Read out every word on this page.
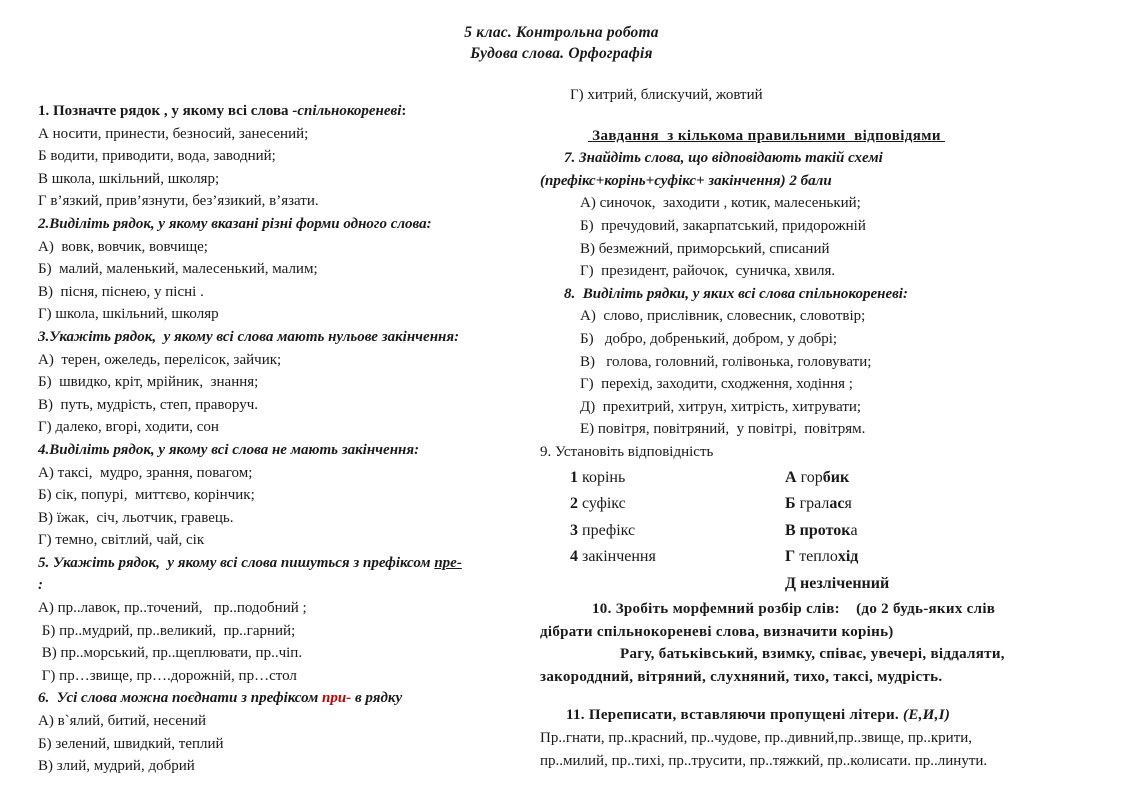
5 клас. Контрольна робота
Будова слова. Орфографія
1. Позначте рядок , у якому всі слова -спільнокореневі:
А носити, принести, безносий, занесений;
Б водити, приводити, вода, заводний;
В школа, шкільний, школяр;
Г в’язкий, прив’язнути, без’язикий, в’язати.
2.Виділіть рядок, у якому вказані різні форми одного слова:
А)  вовк, вовчик, вовчище;
Б)  малий, маленький, малесенький, малим;
В)  пісня, піснею, у пісні .
Г) школа, шкільний, школяр
3.Укажіть рядок,  у якому всі слова мають нульове закінчення:
А)  терен, ожеледь, перелісок, зайчик;
Б)  швидко, кріт, мрійник,  знання;
В)  путь, мудрість, степ, праворуч.
Г) далеко, вгорі, ходити, сон
4.Виділіть рядок, у якому всі слова не мають закінчення:
А) таксі,  мудро, зрання, повагом;
Б) сік, попурі,  миттєво, корінчик;
В) їжак,  січ, льотчик, гравець.
Г) темно, світлий, чай, сік
5. Укажіть рядок,  у якому всі слова пишуться з префіксом пре-  :
А) пр..лавок, пр..точений,   пр..подобний ;
Б) пр..мудрий, пр..великий,  пр..гарний;
В) пр..морський, пр..щеплювати, пр..чіп.
Г) пр…звище, пр….дорожній, пр…стол
6.  Усі слова можна поєднати з префіксом при- в рядку
А) в`ялий, битий, несений
Б) зелений, швидкий, теплий
В) злий, мудрий, добрий
Г) хитрий, блискучий, жовтий
Завдання  з кількома правильними  відповідями
7. Знайдіть слова, що відповідають такій схемі
(префікс+корінь+суфікс+ закінчення) 2 бали
А) синочок,  заходити , котик, малесенький;
Б)  пречудовий, закарпатський, придорожній
В) безмежний, приморський, списаний
Г)  президент, райочок,  суничка, хвиля.
8.  Виділіть рядки, у яких всі слова спільнокореневі:
А)  слово, прислівник, словесник, словотвір;
Б)   добро, добренький, добром, у добрі;
В)   голова, головний, голівонька, головувати;
Г)  перехід, заходити, сходження, ходіння ;
Д)  прехитрий, хитрун, хитрість, хитрувати;
Е) повітря, повітряний,  у повітрі,  повітрям.
9. Установіть відповідність
1 корінь	А горбик
2 суфікс	Б гралася
3 префікс	В протока
4 закінчення	Г теплохід
	Д незліченний
10. Зробіть морфемний розбір слів:    (до 2 будь-яких слів
дібрати спільнокореневі слова, визначити корінь)
Рагу, батьківський, взимку, співає, увечері, віддаляти,
закороддний, вітряний, слухняний, тихо, таксі, мудрість.
11. Переписати, вставляючи пропущені літери. (Е,И,І)
Пр..гнати, пр..красний, пр..чудове, пр..дивний,пр..звище, пр..крити,
пр..милий, пр..тихі, пр..трусити, пр..тяжкий, пр..колисати. пр..линути.
